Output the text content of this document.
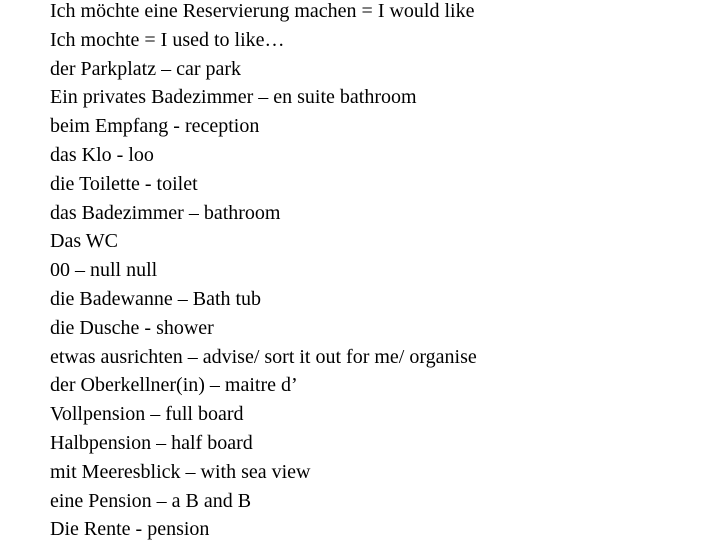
Ich möchte eine Reservierung machen = I would like
Ich mochte = I used to like…
der Parkplatz – car park
Ein privates Badezimmer – en suite bathroom
beim Empfang - reception
das Klo - loo
die Toilette - toilet
das Badezimmer – bathroom
Das WC
00 – null null
die Badewanne – Bath tub
die Dusche - shower
etwas ausrichten – advise/ sort it out for me/ organise
der Oberkellner(in) – maitre d’
Vollpension – full board
Halbpension – half board
mit Meeresblick – with sea view
eine Pension – a B and B
Die Rente - pension
